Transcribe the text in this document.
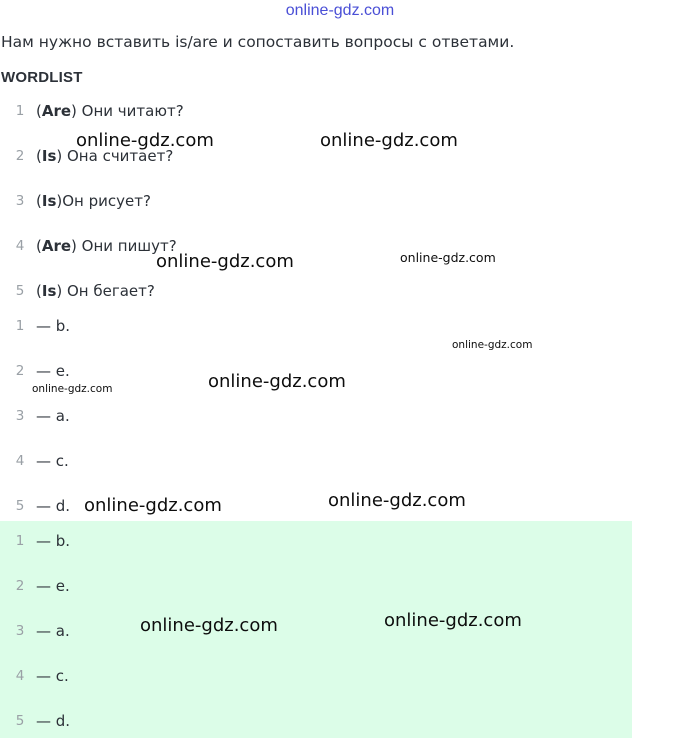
online-gdz.com
Нам нужно вставить is/are и сопоставить вопросы с ответами.
WORDLIST
1 (Are) Они читают?
2 (Is) Она считает?
3 (Is)Он рисует?
4 (Are) Они пишут?
5 (Is) Он бегает?
1 — b.
2 — e.
3 — a.
4 — c.
5 — d.
1 — b.
2 — e.
3 — a.
4 — c.
5 — d.
online-gdz.com	online-gdz.com
online-gdz.com	online-gdz.com
online-gdz.com
online-gdz.com
online-gdz.com
online-gdz.com	online-gdz.com
online-gdz.com	online-gdz.com
